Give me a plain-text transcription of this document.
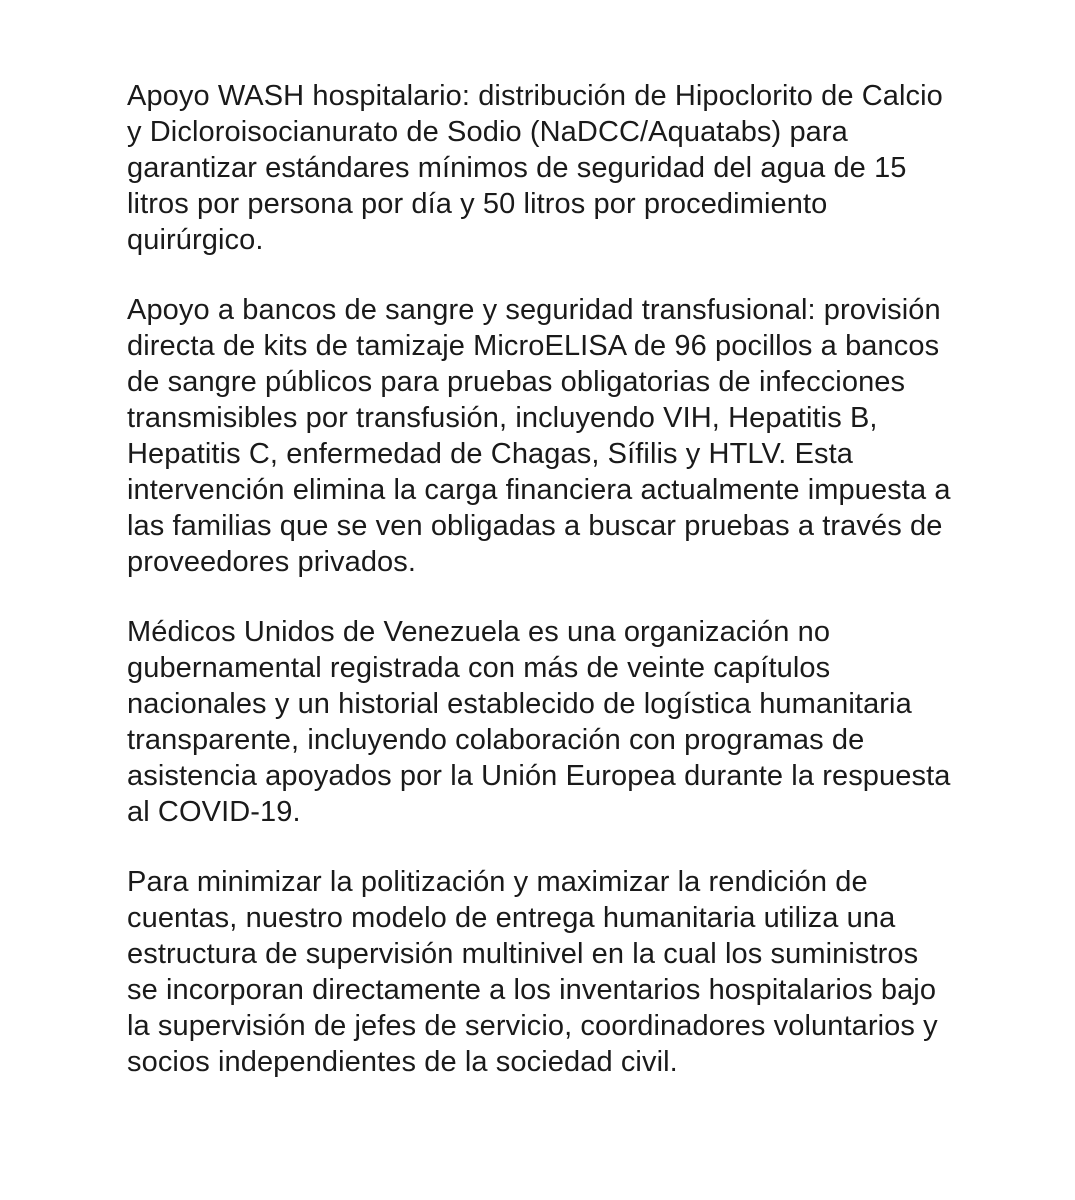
Apoyo WASH hospitalario: distribución de Hipoclorito de Calcio y Dicloroisocianurato de Sodio (NaDCC/Aquatabs) para garantizar estándares mínimos de seguridad del agua de 15 litros por persona por día y 50 litros por procedimiento quirúrgico.

Apoyo a bancos de sangre y seguridad transfusional: provisión directa de kits de tamizaje MicroELISA de 96 pocillos a bancos de sangre públicos para pruebas obligatorias de infecciones transmisibles por transfusión, incluyendo VIH, Hepatitis B, Hepatitis C, enfermedad de Chagas, Sífilis y HTLV. Esta intervención elimina la carga financiera actualmente impuesta a las familias que se ven obligadas a buscar pruebas a través de proveedores privados.

Médicos Unidos de Venezuela es una organización no gubernamental registrada con más de veinte capítulos nacionales y un historial establecido de logística humanitaria transparente, incluyendo colaboración con programas de asistencia apoyados por la Unión Europea durante la respuesta al COVID-19.

Para minimizar la politización y maximizar la rendición de cuentas, nuestro modelo de entrega humanitaria utiliza una estructura de supervisión multinivel en la cual los suministros se incorporan directamente a los inventarios hospitalarios bajo la supervisión de jefes de servicio, coordinadores voluntarios y socios independientes de la sociedad civil.
